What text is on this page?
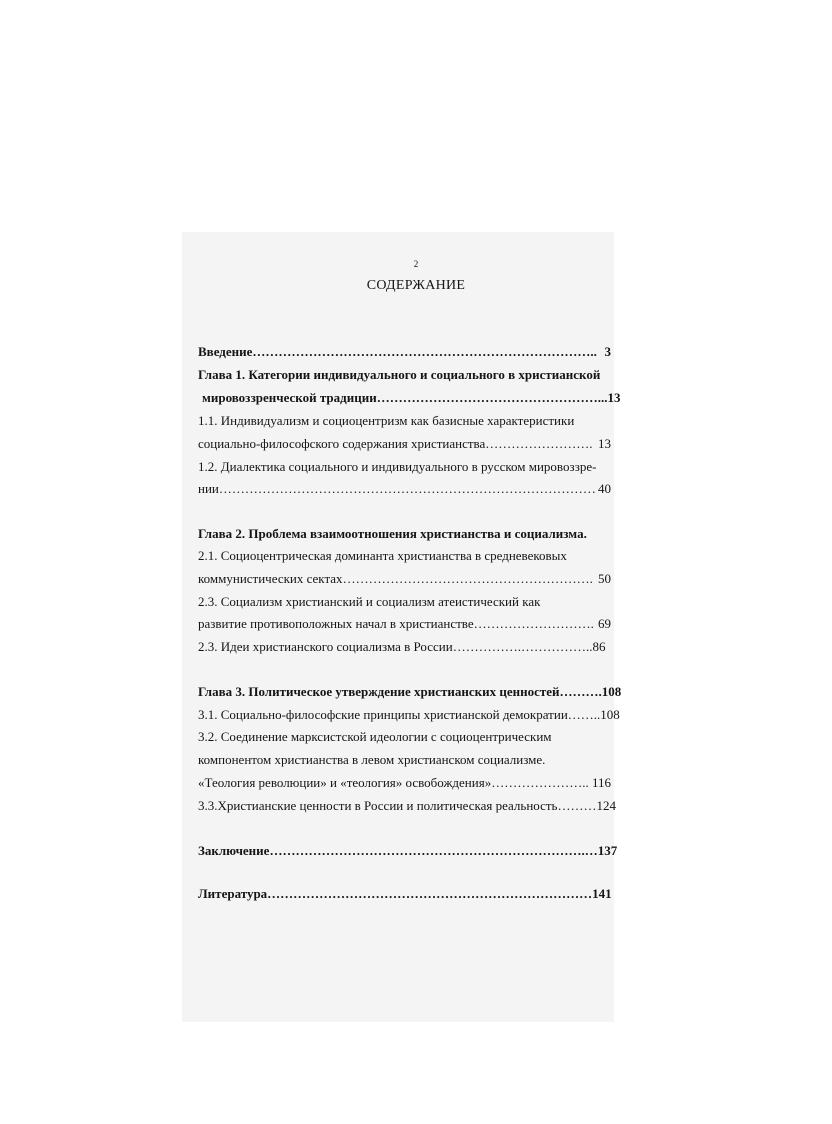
2
СОДЕРЖАНИЕ
Введение …………………………………………………………………….. 3
Глава 1. Категории индивидуального и социального в христианской
мировоззренческой традиции ……………………………………………... 13
1.1. Индивидуализм и социоцентризм как базисные характеристики
социально-философского содержания христианства ……………………. 13
1.2. Диалектика социального и индивидуального в русском мировоззре-
нии …………………………………………………………………………… 40
Глава 2. Проблема взаимоотношения христианства и социализма.
2.1. Социоцентрическая доминанта христианства в средневековых
коммунистических сектах …………………………………………………. 50
2.3. Социализм христианский и социализм атеистический как
развитие противоположных начал в христианстве ………………………. 69
2.3. Идеи христианского социализма в России …………….…………….. 86
Глава 3. Политическое утверждение христианских ценностей ………. 108
3.1. Социально-философские принципы христианской демократии …….. 108
3.2. Соединение марксистской идеологии с социоцентрическим
компонентом христианства в левом христианском социализме.
«Теология революции» и «теология» освобождения» ………………….. 116
3.3.Христианские ценности в России и политическая реальность ……… 124
Заключение ……………………………………………………………….… 137
Литература ………………………………………………………………… 141
